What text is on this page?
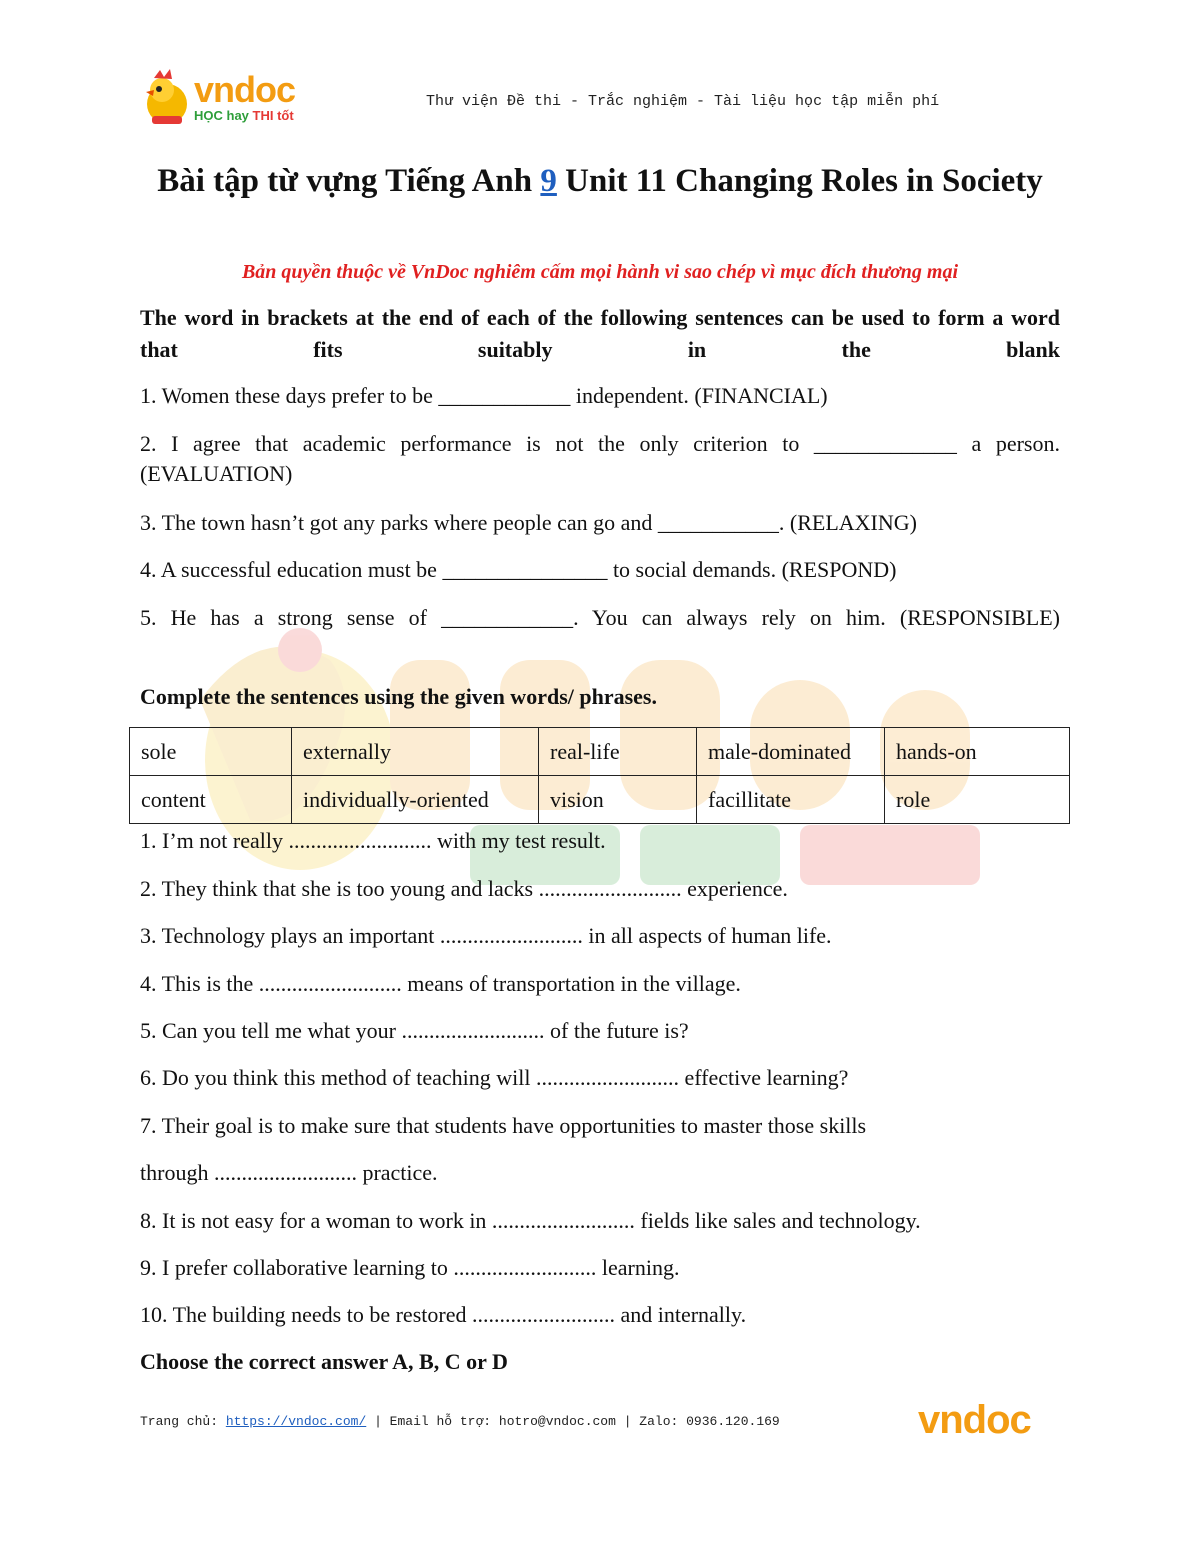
vndoc
HỌC hay THI tốt
Thư viện Đề thi - Trắc nghiệm - Tài liệu học tập miễn phí
Bài tập từ vựng Tiếng Anh 9 Unit 11 Changing Roles in Society
Bản quyền thuộc về VnDoc nghiêm cấm mọi hành vi sao chép vì mục đích thương mại
The word in brackets at the end of each of the following sentences can be used to form a word that fits suitably in the blank
1. Women these days prefer to be ____________ independent. (FINANCIAL)
2. I agree that academic performance is not the only criterion to _____________ a person. (EVALUATION)
3. The town hasn’t got any parks where people can go and ___________. (RELAXING)
4. A successful education must be _______________ to social demands. (RESPOND)
5. He has a strong sense of ____________. You can always rely on him. (RESPONSIBLE)
Complete the sentences using the given words/ phrases.
sole	externally	real-life	male-dominated	hands-on
content	individually-oriented	vision	facillitate	role
1. I’m not really .......................... with my test result.
2. They think that she is too young and lacks .......................... experience.
3. Technology plays an important .......................... in all aspects of human life.
4. This is the .......................... means of transportation in the village.
5. Can you tell me what your .......................... of the future is?
6. Do you think this method of teaching will .......................... effective learning?
7. Their goal is to make sure that students have opportunities to master those skills
through .......................... practice.
8. It is not easy for a woman to work in .......................... fields like sales and technology.
9. I prefer collaborative learning to .......................... learning.
10. The building needs to be restored .......................... and internally.
Choose the correct answer A, B, C or D
Trang chủ: https://vndoc.com/ | Email hỗ trợ: hotro@vndoc.com | Zalo: 0936.120.169	vndoc
